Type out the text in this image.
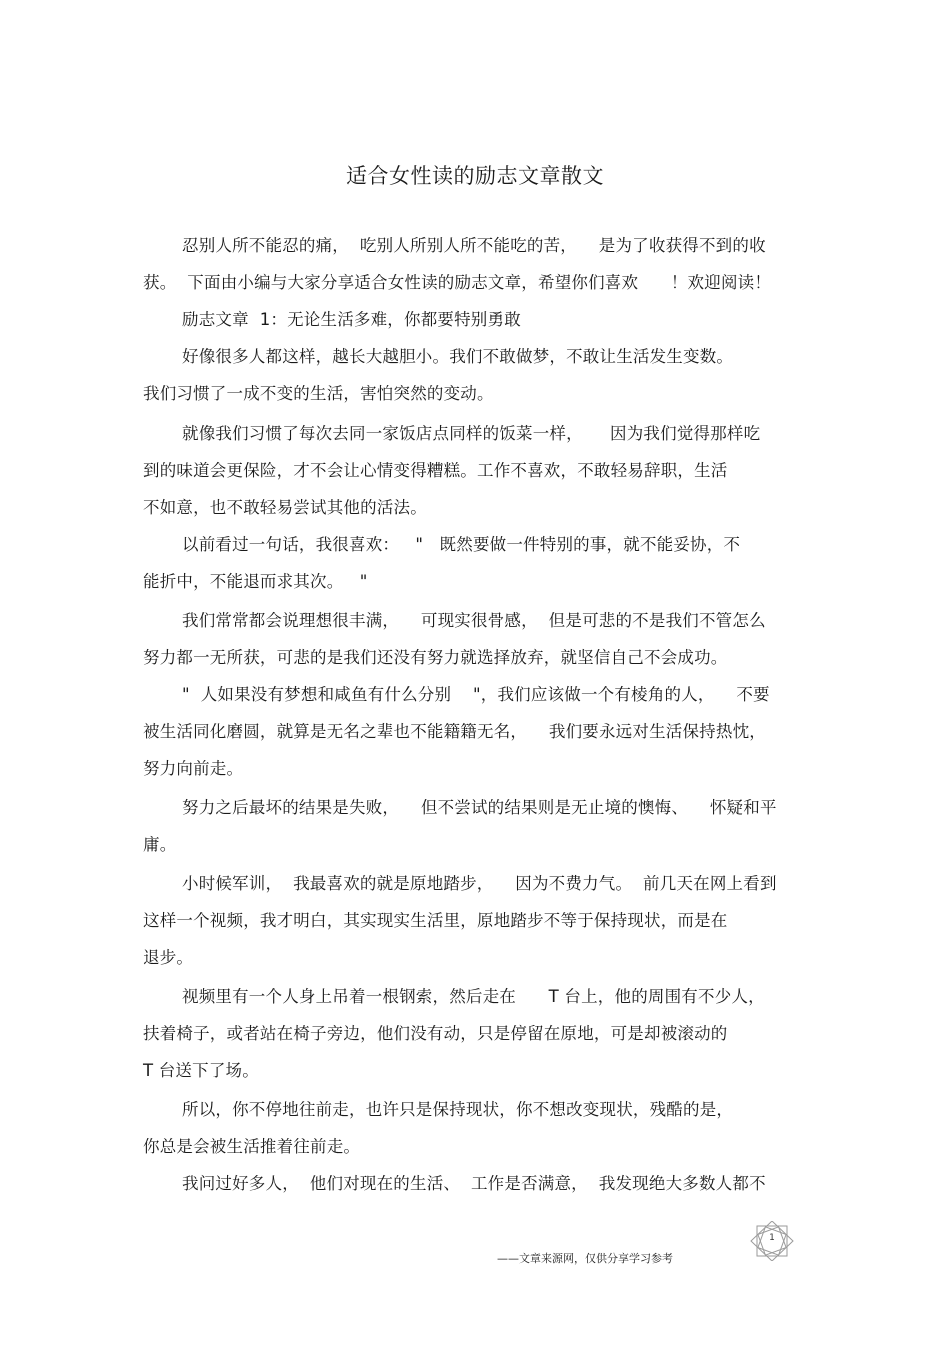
适合女性读的励志文章散文
忍别人所不能忍的痛，  吃别人所别人所不能吃的苦，    是为了收获得不到的收
获。  下面由小编与大家分享适合女性读的励志文章，希望你们喜欢      ！欢迎阅读！
励志文章  1：无论生活多难，你都要特别勇敢
好像很多人都这样，越长大越胆小。我们不敢做梦，不敢让生活发生变数。
我们习惯了一成不变的生活，害怕突然的变动。
就像我们习惯了每次去同一家饭店点同样的饭菜一样，     因为我们觉得那样吃
到的味道会更保险，才不会让心情变得糟糕。工作不喜欢，不敢轻易辞职，生活
不如意，也不敢轻易尝试其他的活法。
以前看过一句话，我很喜欢：   "   既然要做一件特别的事，就不能妥协，不
能折中，不能退而求其次。   "
我们常常都会说理想很丰满，    可现实很骨感，  但是可悲的不是我们不管怎么
努力都一无所获，可悲的是我们还没有努力就选择放弃，就坚信自己不会成功。
"  人如果没有梦想和咸鱼有什么分别    "，我们应该做一个有棱角的人，    不要
被生活同化磨圆，就算是无名之辈也不能籍籍无名，    我们要永远对生活保持热忱，
努力向前走。
努力之后最坏的结果是失败，    但不尝试的结果则是无止境的懊悔、    怀疑和平
庸。
小时候军训，  我最喜欢的就是原地踏步，    因为不费力气。  前几天在网上看到
这样一个视频，我才明白，其实现实生活里，原地踏步不等于保持现状，而是在
退步。
视频里有一个人身上吊着一根钢索，然后走在      T 台上，他的周围有不少人，
扶着椅子，或者站在椅子旁边，他们没有动，只是停留在原地，可是却被滚动的
T 台送下了场。
所以，你不停地往前走，也许只是保持现状，你不想改变现状，残酷的是，
你总是会被生活推着往前走。
我问过好多人，  他们对现在的生活、  工作是否满意，  我发现绝大多数人都不
——文章来源网，仅供分享学习参考
1
